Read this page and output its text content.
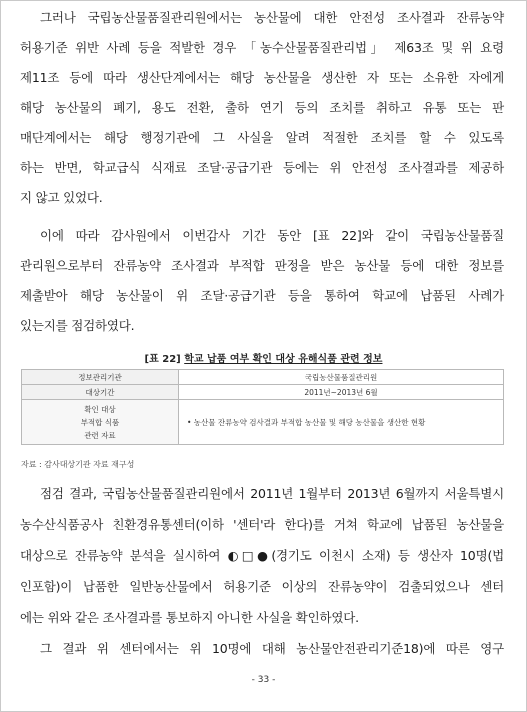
그러나 국립농산물품질관리원에서는 농산물에 대한 안전성 조사결과 잔류농약
허용기준 위반 사례 등을 적발한 경우 「농수산물품질관리법」 제63조 및 위 요령
제11조 등에 따라 생산단계에서는 해당 농산물을 생산한 자 또는 소유한 자에게
해당 농산물의 폐기, 용도 전환, 출하 연기 등의 조치를 취하고 유통 또는 판
매단계에서는 해당 행정기관에 그 사실을 알려 적절한 조치를 할 수 있도록
하는 반면, 학교급식 식재료 조달·공급기관 등에는 위 안전성 조사결과를 제공하
지 않고 있었다.
이에 따라 감사원에서 이번감사 기간 동안 [표 22]와 같이 국립농산물품질
관리원으로부터 잔류농약 조사결과 부적합 판정을 받은 농산물 등에 대한 정보를
제출받아 해당 농산물이 위 조달·공급기관 등을 통하여 학교에 납품된 사례가
있는지를 점검하였다.
[표 22] 학교 납품 여부 확인 대상 유해식품 관련 정보
정보관리기관	국립농산물품질관리원
대상기간	2011년~2013년 6월

확인 대상
부적합 식품
관련 자료	• 농산물 잔류농약 검사결과 부적합 농산물 및 해당 농산물을 생산한 현황
자료 : 감사대상기관 자료 재구성
점검 결과, 국립농산물품질관리원에서 2011년 1월부터 2013년 6월까지 서울특별시
농수산식품공사 친환경유통센터(이하 '센터'라 한다)를 거쳐 학교에 납품된 농산물을
대상으로 잔류농약 분석을 실시하여 ◐□●(경기도 이천시 소재) 등 생산자 10명(법
인포함)이 납품한 일반농산물에서 허용기준 이상의 잔류농약이 검출되었으나 센터
에는 위와 같은 조사결과를 통보하지 아니한 사실을 확인하였다.
그 결과 위 센터에서는 위 10명에 대해 농산물안전관리기준18)에 따른 영구
- 33 -
